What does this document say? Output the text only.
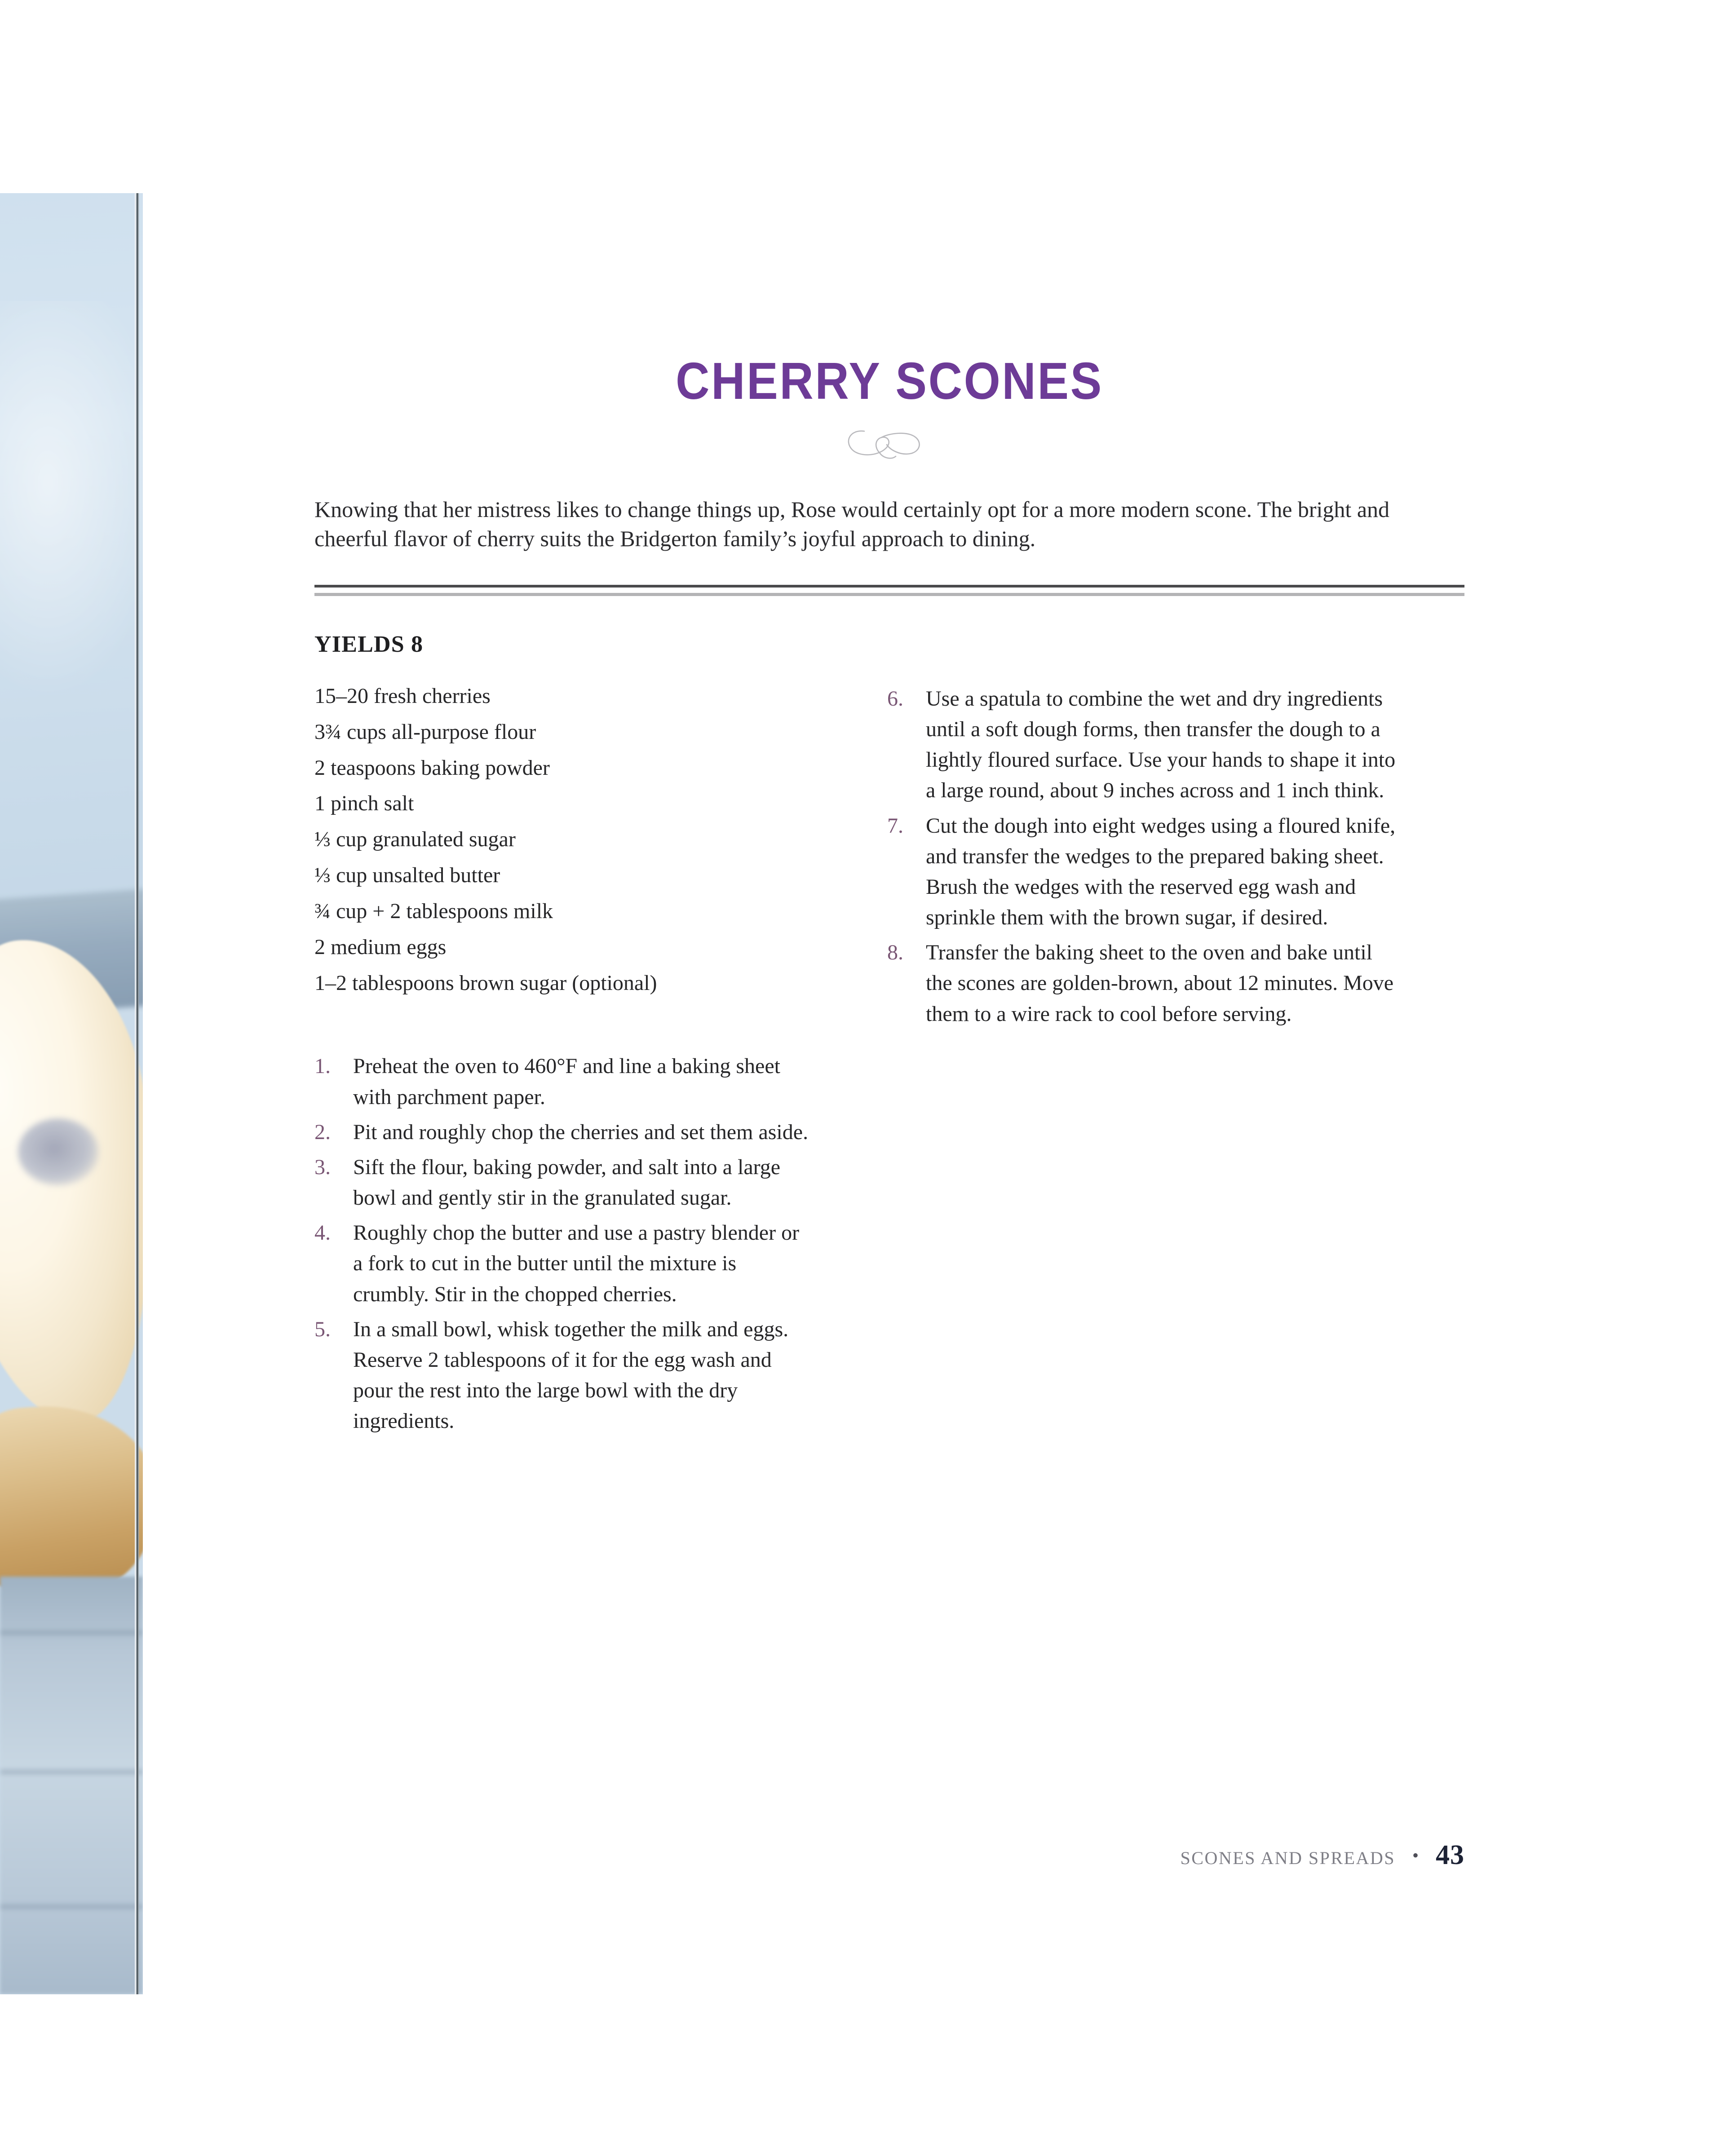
CHERRY SCONES

Knowing that her mistress likes to change things up, Rose would certainly opt for a more modern scone. The bright and cheerful flavor of cherry suits the Bridgerton family’s joyful approach to dining.

YIELDS 8
15–20 fresh cherries
3¾ cups all-purpose flour
2 teaspoons baking powder
1 pinch salt
⅓ cup granulated sugar
⅓ cup unsalted butter
¾ cup + 2 tablespoons milk
2 medium eggs
1–2 tablespoons brown sugar (optional)
1.	Preheat the oven to 460°F and line a baking sheet with parchment paper.
2.	Pit and roughly chop the cherries and set them aside.
3.	Sift the flour, baking powder, and salt into a large bowl and gently stir in the granulated sugar.
4.	Roughly chop the butter and use a pastry blender or a fork to cut in the butter until the mixture is crumbly. Stir in the chopped cherries.
5.	In a small bowl, whisk together the milk and eggs. Reserve 2 tablespoons of it for the egg wash and pour the rest into the large bowl with the dry ingredients.
6.	Use a spatula to combine the wet and dry ingredients until a soft dough forms, then transfer the dough to a lightly floured surface. Use your hands to shape it into a large round, about 9 inches across and 1 inch think.
7.	Cut the dough into eight wedges using a floured knife, and transfer the wedges to the prepared baking sheet. Brush the wedges with the reserved egg wash and sprinkle them with the brown sugar, if desired.
8.	Transfer the baking sheet to the oven and bake until the scones are golden-brown, about 12 minutes. Move them to a wire rack to cool before serving.
SCONES AND SPREADS • 43
